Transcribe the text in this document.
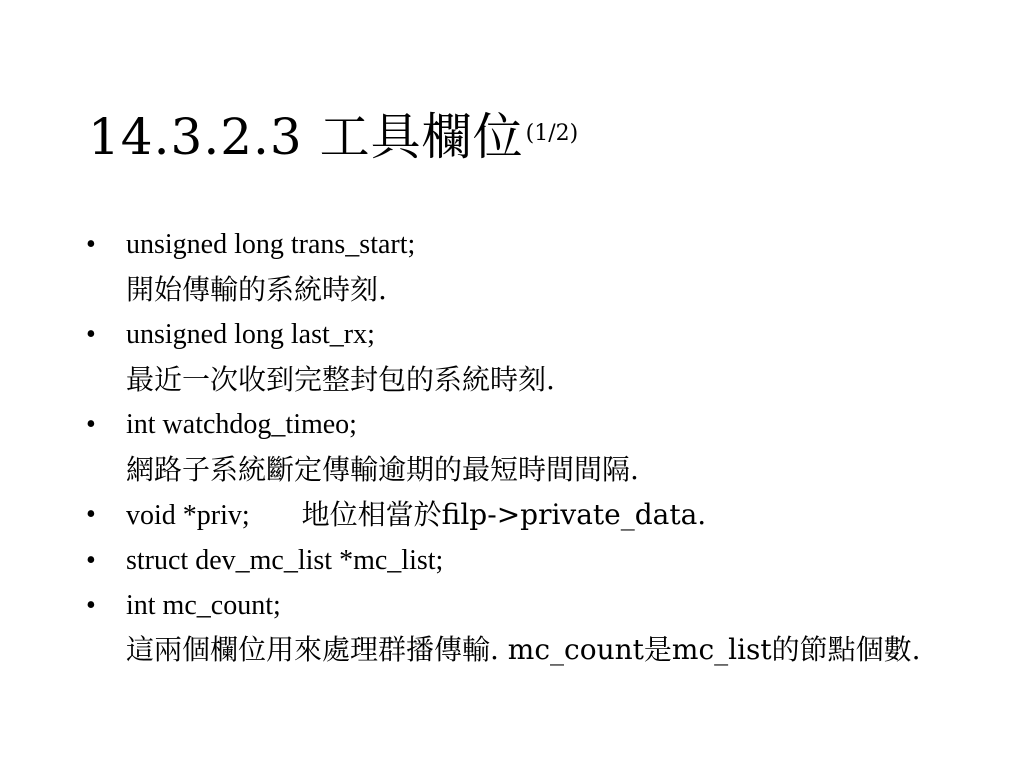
14.3.2.3 工具欄位(1/2)
•	unsigned long trans_start;
開始傳輸的系統時刻.
•	unsigned long last_rx;
最近一次收到完整封包的系統時刻.
•	int watchdog_timeo;
網路子系統斷定傳輸逾期的最短時間間隔.
•	void *priv; 地位相當於filp->private_data.
•	struct dev_mc_list *mc_list;
•	int mc_count;
這兩個欄位用來處理群播傳輸. mc_count是mc_list的節點個數.
